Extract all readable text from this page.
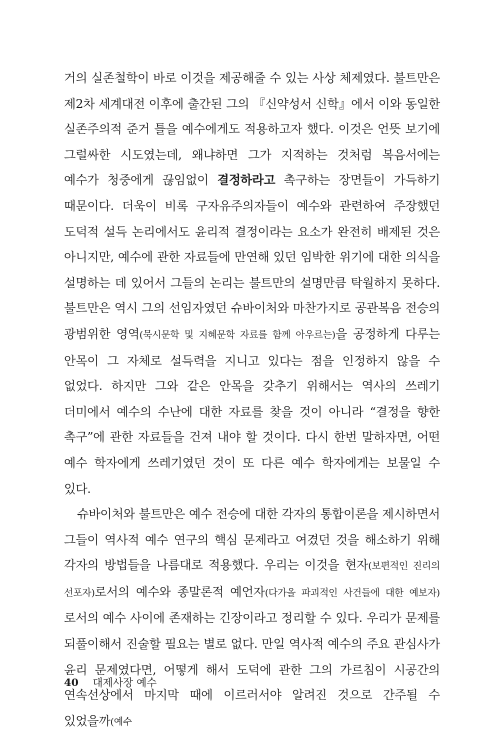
거의 실존철학이 바로 이것을 제공해줄 수 있는 사상 체제였다. 불트만은 제2차 세계대전 이후에 출간된 그의 『신약성서 신학』에서 이와 동일한 실존주의적 준거 틀을 예수에게도 적용하고자 했다. 이것은 언뜻 보기에 그럴싸한 시도였는데, 왜냐하면 그가 지적하는 것처럼 복음서에는 예수가 청중에게 끊임없이 결정하라고 촉구하는 장면들이 가득하기 때문이다. 더욱이 비록 구자유주의자들이 예수와 관련하여 주장했던 도덕적 설득 논리에서도 윤리적 결정이라는 요소가 완전히 배제된 것은 아니지만, 예수에 관한 자료들에 만연해 있던 임박한 위기에 대한 의식을 설명하는 데 있어서 그들의 논리는 불트만의 설명만큼 탁월하지 못하다. 불트만은 역시 그의 선임자였던 슈바이처와 마찬가지로 공관복음 전승의 광범위한 영역(묵시문학 및 지혜문학 자료를 함께 아우르는)을 공정하게 다루는 안목이 그 자체로 설득력을 지니고 있다는 점을 인정하지 않을 수 없었다. 하지만 그와 같은 안목을 갖추기 위해서는 역사의 쓰레기 더미에서 예수의 수난에 대한 자료를 찾을 것이 아니라 “결정을 향한 촉구”에 관한 자료들을 건져 내야 할 것이다. 다시 한번 말하자면, 어떤 예수 학자에게 쓰레기였던 것이 또 다른 예수 학자에게는 보물일 수 있다.

슈바이처와 불트만은 예수 전승에 대한 각자의 통합이론을 제시하면서 그들이 역사적 예수 연구의 핵심 문제라고 여겼던 것을 해소하기 위해 각자의 방법들을 나름대로 적용했다. 우리는 이것을 현자(보편적인 진리의 선포자)로서의 예수와 종말론적 예언자(다가올 파괴적인 사건들에 대한 예보자)로서의 예수 사이에 존재하는 긴장이라고 정리할 수 있다. 우리가 문제를 되풀이해서 진술할 필요는 별로 없다. 만일 역사적 예수의 주요 관심사가 윤리 문제였다면, 어떻게 해서 도덕에 관한 그의 가르침이 시공간의 연속선상에서 마지막 때에 이르러서야 알려진 것으로 간주될 수 있었을까(예수

40 대제사장 예수
